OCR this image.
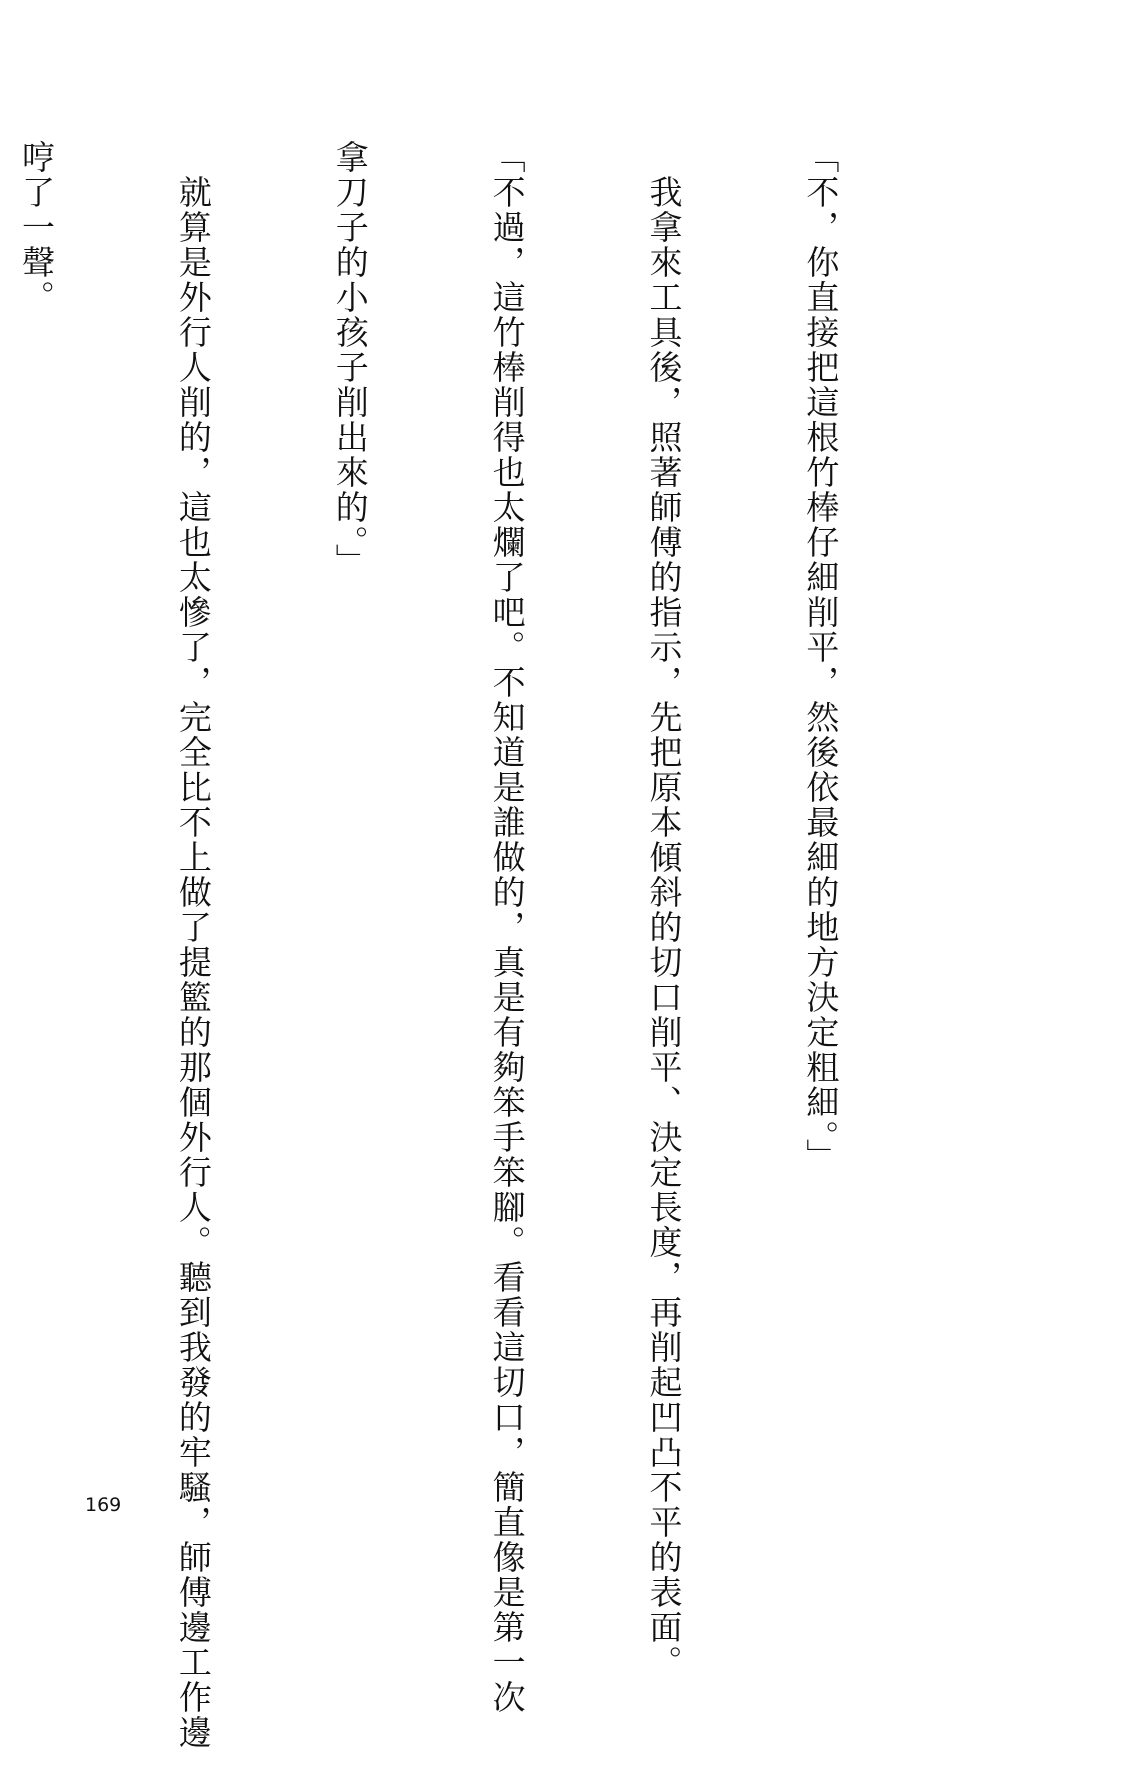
「不，你直接把這根竹棒仔細削平，然後依最細的地方決定粗細。」

　我拿來工具後，照著師傅的指示，先把原本傾斜的切口削平、決定長度，再削起凹凸不平的表面。

「不過，這竹棒削得也太爛了吧。不知道是誰做的，真是有夠笨手笨腳。看看這切口，簡直像是第一次

拿刀子的小孩子削出來的。」

　就算是外行人削的，這也太慘了，完全比不上做了提籃的那個外行人。聽到我發的牢騷，師傅邊工作邊

哼了一聲。

169
